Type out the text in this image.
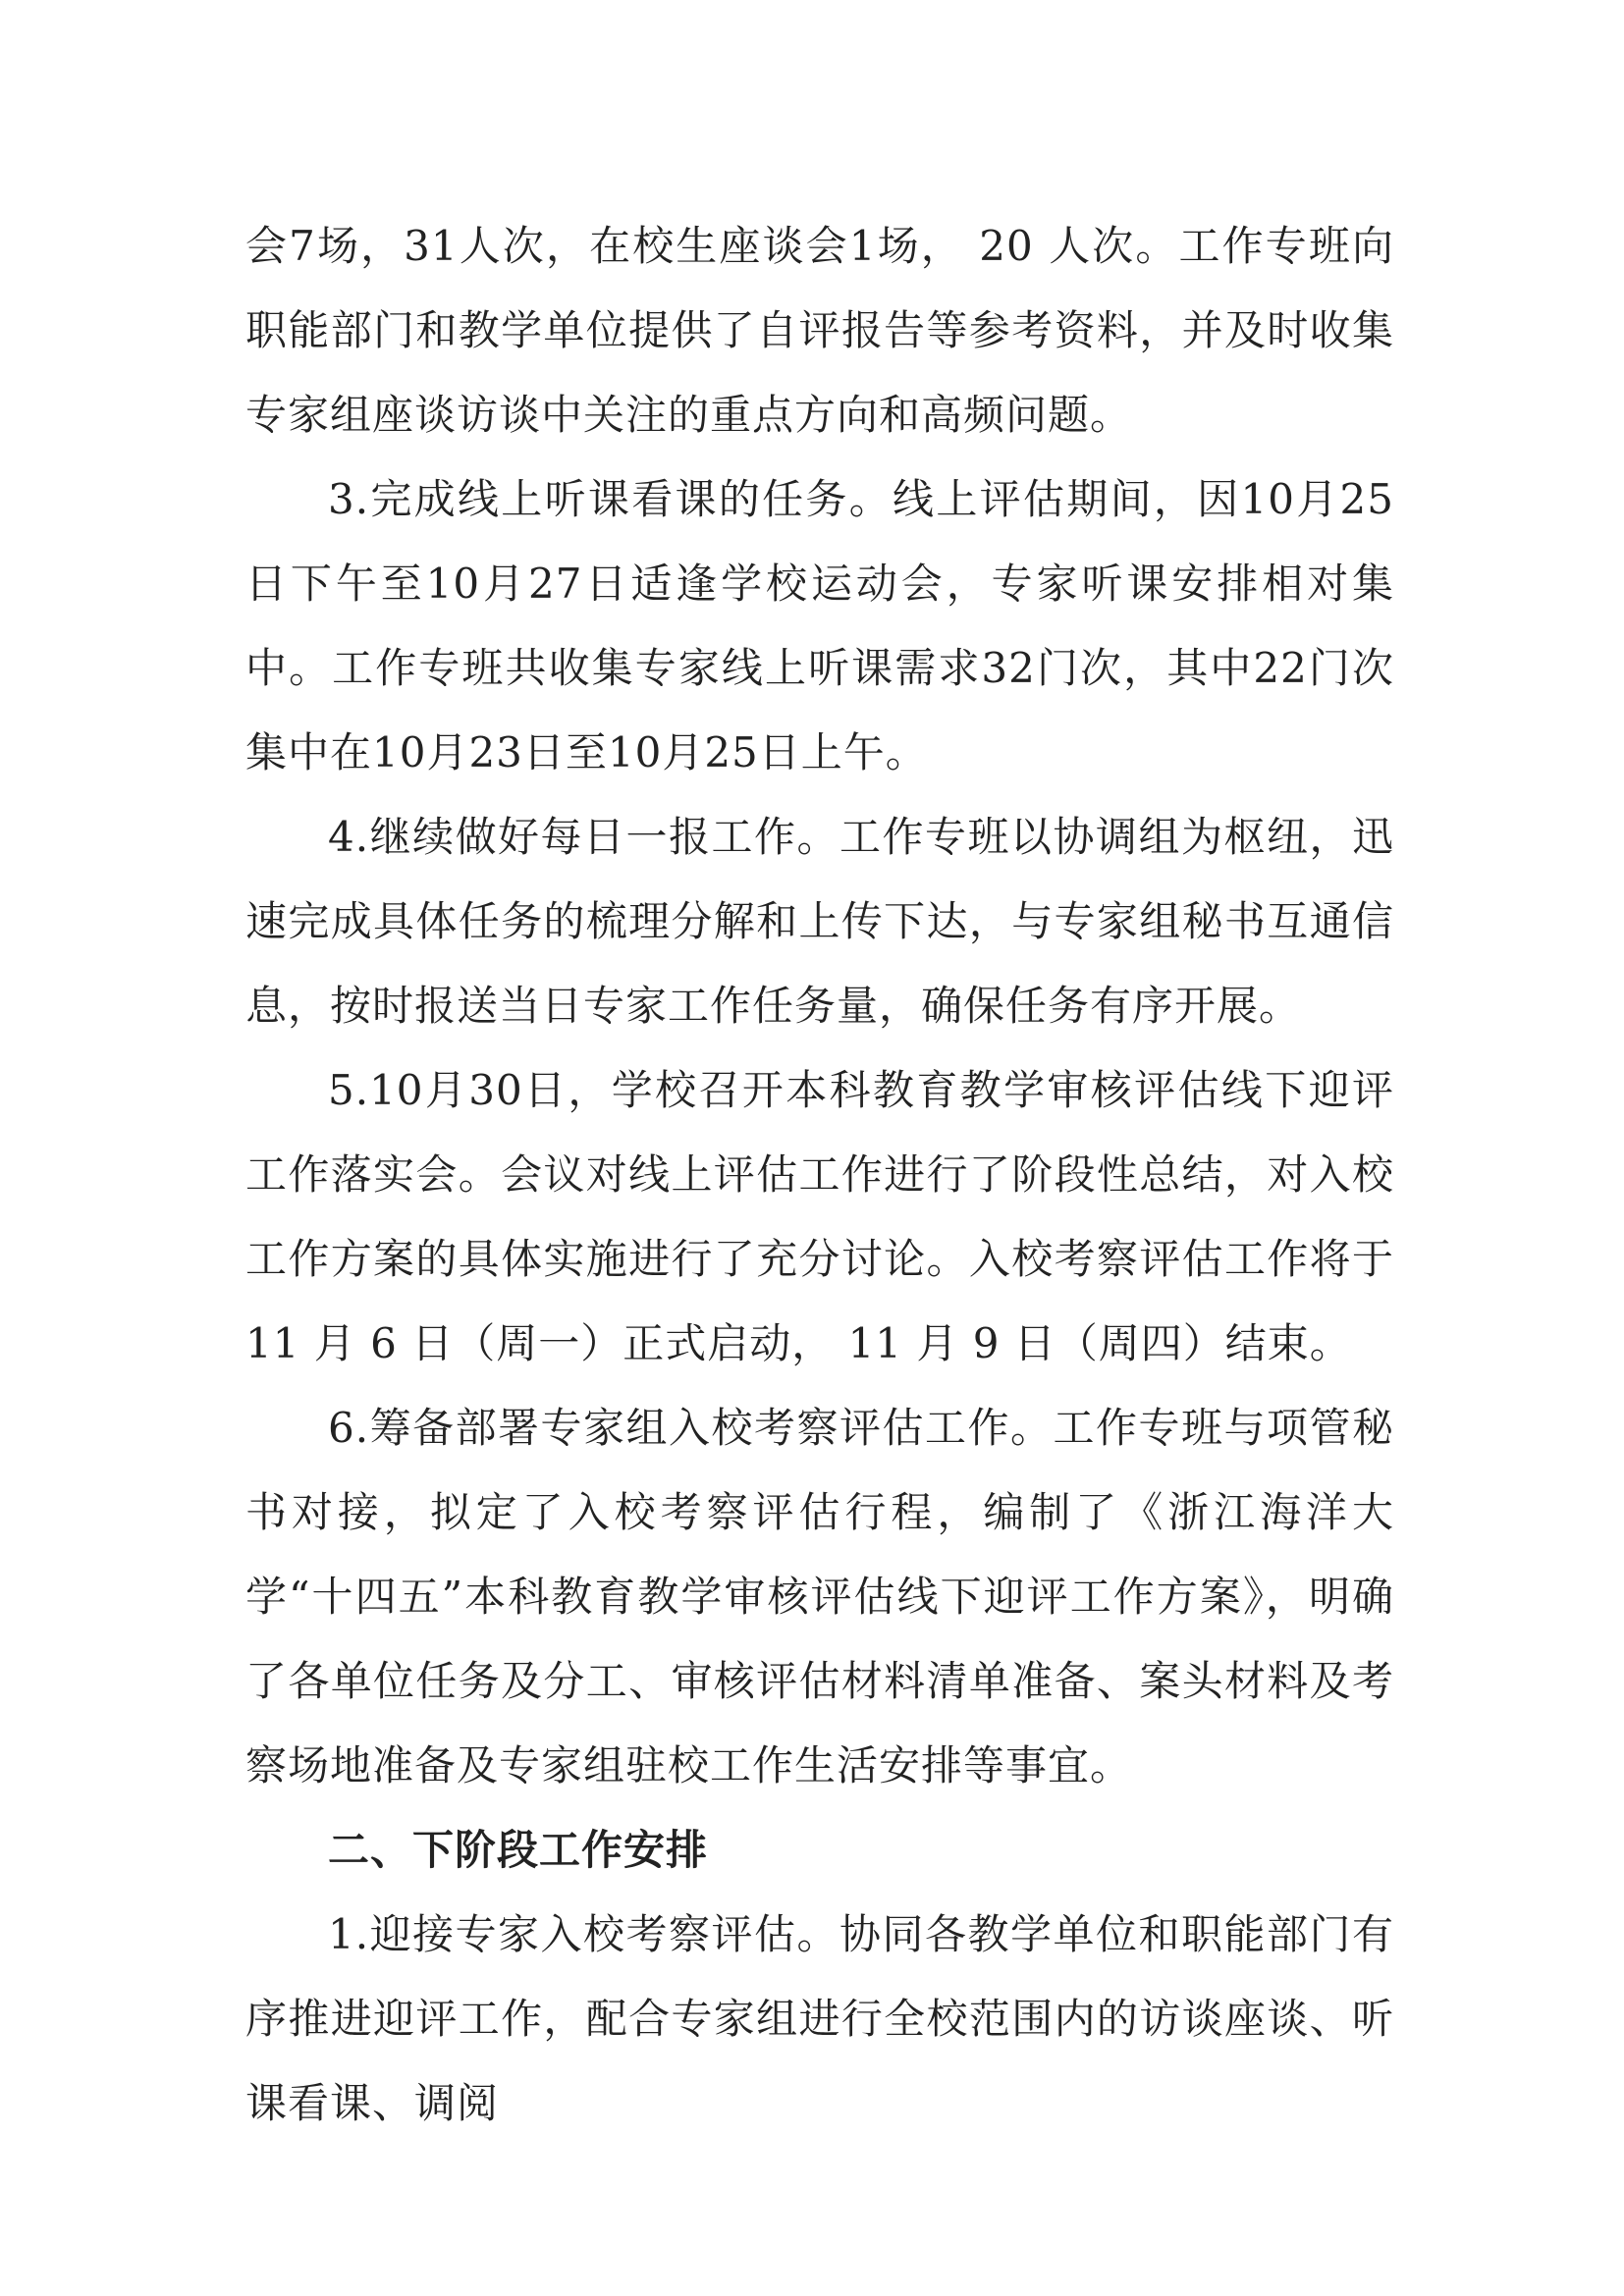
会7场，31人次，在校生座谈会1场， 20 人次。工作专班向职能部门和教学单位提供了自评报告等参考资料，并及时收集专家组座谈访谈中关注的重点方向和高频问题。

3.完成线上听课看课的任务。线上评估期间，因10月25日下午至10月27日适逢学校运动会，专家听课安排相对集中。工作专班共收集专家线上听课需求32门次，其中22门次集中在10月23日至10月25日上午。

4.继续做好每日一报工作。工作专班以协调组为枢纽，迅速完成具体任务的梳理分解和上传下达，与专家组秘书互通信息，按时报送当日专家工作任务量，确保任务有序开展。

5.10月30日，学校召开本科教育教学审核评估线下迎评工作落实会。会议对线上评估工作进行了阶段性总结，对入校工作方案的具体实施进行了充分讨论。入校考察评估工作将于 11 月 6 日（周一）正式启动， 11 月 9 日（周四）结束。

6.筹备部署专家组入校考察评估工作。工作专班与项管秘书对接，拟定了入校考察评估行程，编制了《浙江海洋大学“十四五”本科教育教学审核评估线下迎评工作方案》，明确了各单位任务及分工、审核评估材料清单准备、案头材料及考察场地准备及专家组驻校工作生活安排等事宜。

二、下阶段工作安排

1.迎接专家入校考察评估。协同各教学单位和职能部门有序推进迎评工作，配合专家组进行全校范围内的访谈座谈、听课看课、调阅
